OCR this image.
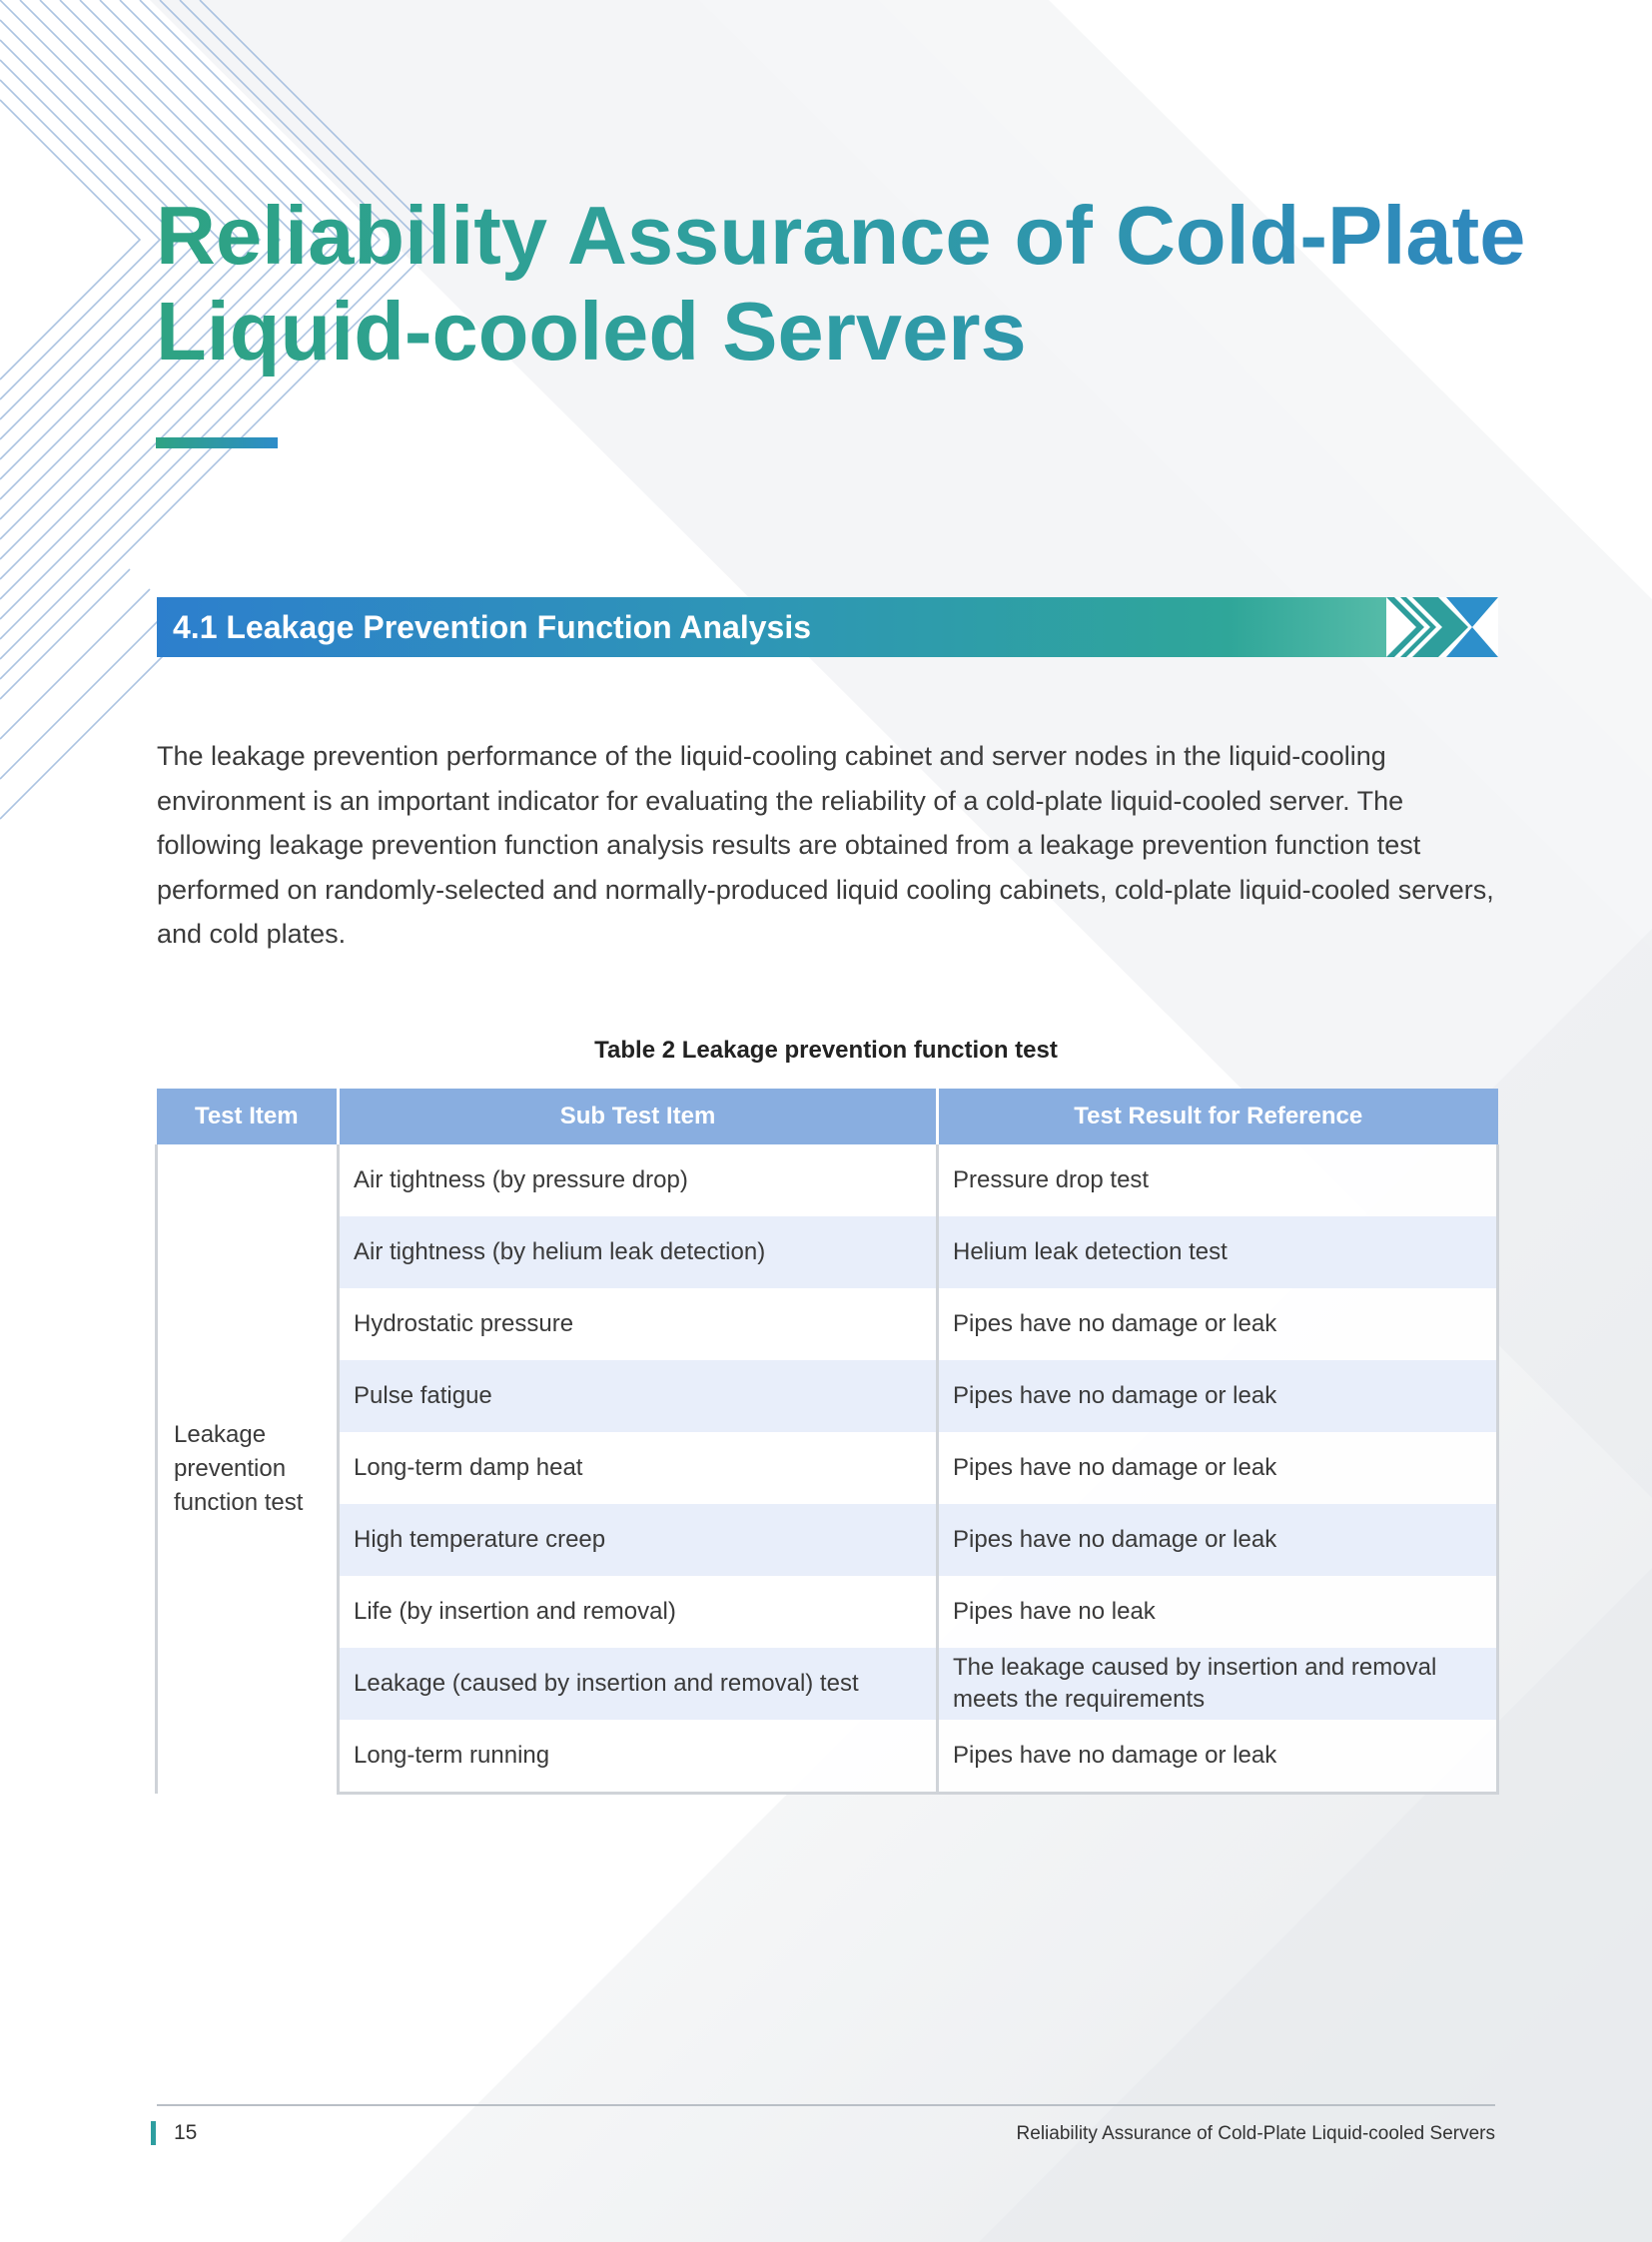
Reliability Assurance of Cold-Plate Liquid-cooled Servers
4.1 Leakage Prevention Function Analysis

The leakage prevention performance of the liquid-cooling cabinet and server nodes in the liquid-cooling environment is an important indicator for evaluating the reliability of a cold-plate liquid-cooled server. The following leakage prevention function analysis results are obtained from a leakage prevention function test performed on randomly-selected and normally-produced liquid cooling cabinets, cold-plate liquid-cooled servers, and cold plates.

Table 2 Leakage prevention function test
Test Item	Sub Test Item	Test Result for Reference
Leakage prevention function test	Air tightness (by pressure drop)	Pressure drop test
	Air tightness (by helium leak detection)	Helium leak detection test
	Hydrostatic pressure	Pipes have no damage or leak
	Pulse fatigue	Pipes have no damage or leak
	Long-term damp heat	Pipes have no damage or leak
	High temperature creep	Pipes have no damage or leak
	Life (by insertion and removal)	Pipes have no leak
	Leakage (caused by insertion and removal) test	The leakage caused by insertion and removal meets the requirements
	Long-term running	Pipes have no damage or leak
15	Reliability Assurance of Cold-Plate Liquid-cooled Servers
